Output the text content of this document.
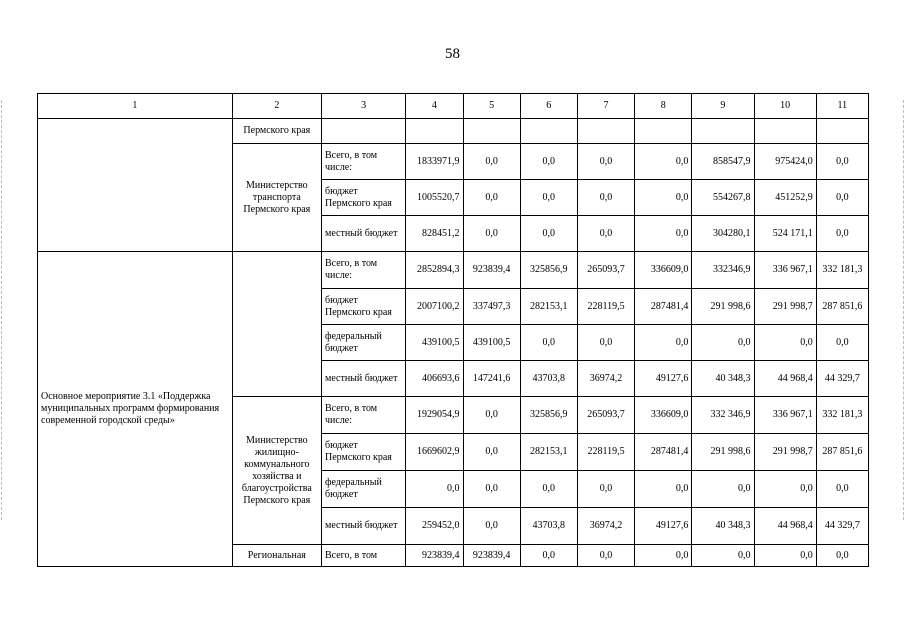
58
1	2	3	4	5	6	7	8	9	10	11
	Пермского края									
	Министерство транспорта Пермского края	Всего, в том числе:	1833971,9	0,0	0,0	0,0	0,0	858547,9	975424,0	0,0
		бюджет Пермского края	1005520,7	0,0	0,0	0,0	0,0	554267,8	451252,9	0,0
		местный бюджет	828451,2	0,0	0,0	0,0	0,0	304280,1	524 171,1	0,0
Основное мероприятие 3.1 «Поддержка муниципальных программ формирования современной городской среды»		Всего, в том числе:	2852894,3	923839,4	325856,9	265093,7	336609,0	332346,9	336 967,1	332 181,3
		бюджет Пермского края	2007100,2	337497,3	282153,1	228119,5	287481,4	291 998,6	291 998,7	287 851,6
		федеральный бюджет	439100,5	439100,5	0,0	0,0	0,0	0,0	0,0	0,0
		местный бюджет	406693,6	147241,6	43703,8	36974,2	49127,6	40 348,3	44 968,4	44 329,7
	Министерство жилищно-коммунального хозяйства и благоустройства Пермского края	Всего, в том числе:	1929054,9	0,0	325856,9	265093,7	336609,0	332 346,9	336 967,1	332 181,3
		бюджет Пермского края	1669602,9	0,0	282153,1	228119,5	287481,4	291 998,6	291 998,7	287 851,6
		федеральный бюджет	0,0	0,0	0,0	0,0	0,0	0,0	0,0	0,0
		местный бюджет	259452,0	0,0	43703,8	36974,2	49127,6	40 348,3	44 968,4	44 329,7
	Региональная	Всего, в том	923839,4	923839,4	0,0	0,0	0,0	0,0	0,0	0,0
